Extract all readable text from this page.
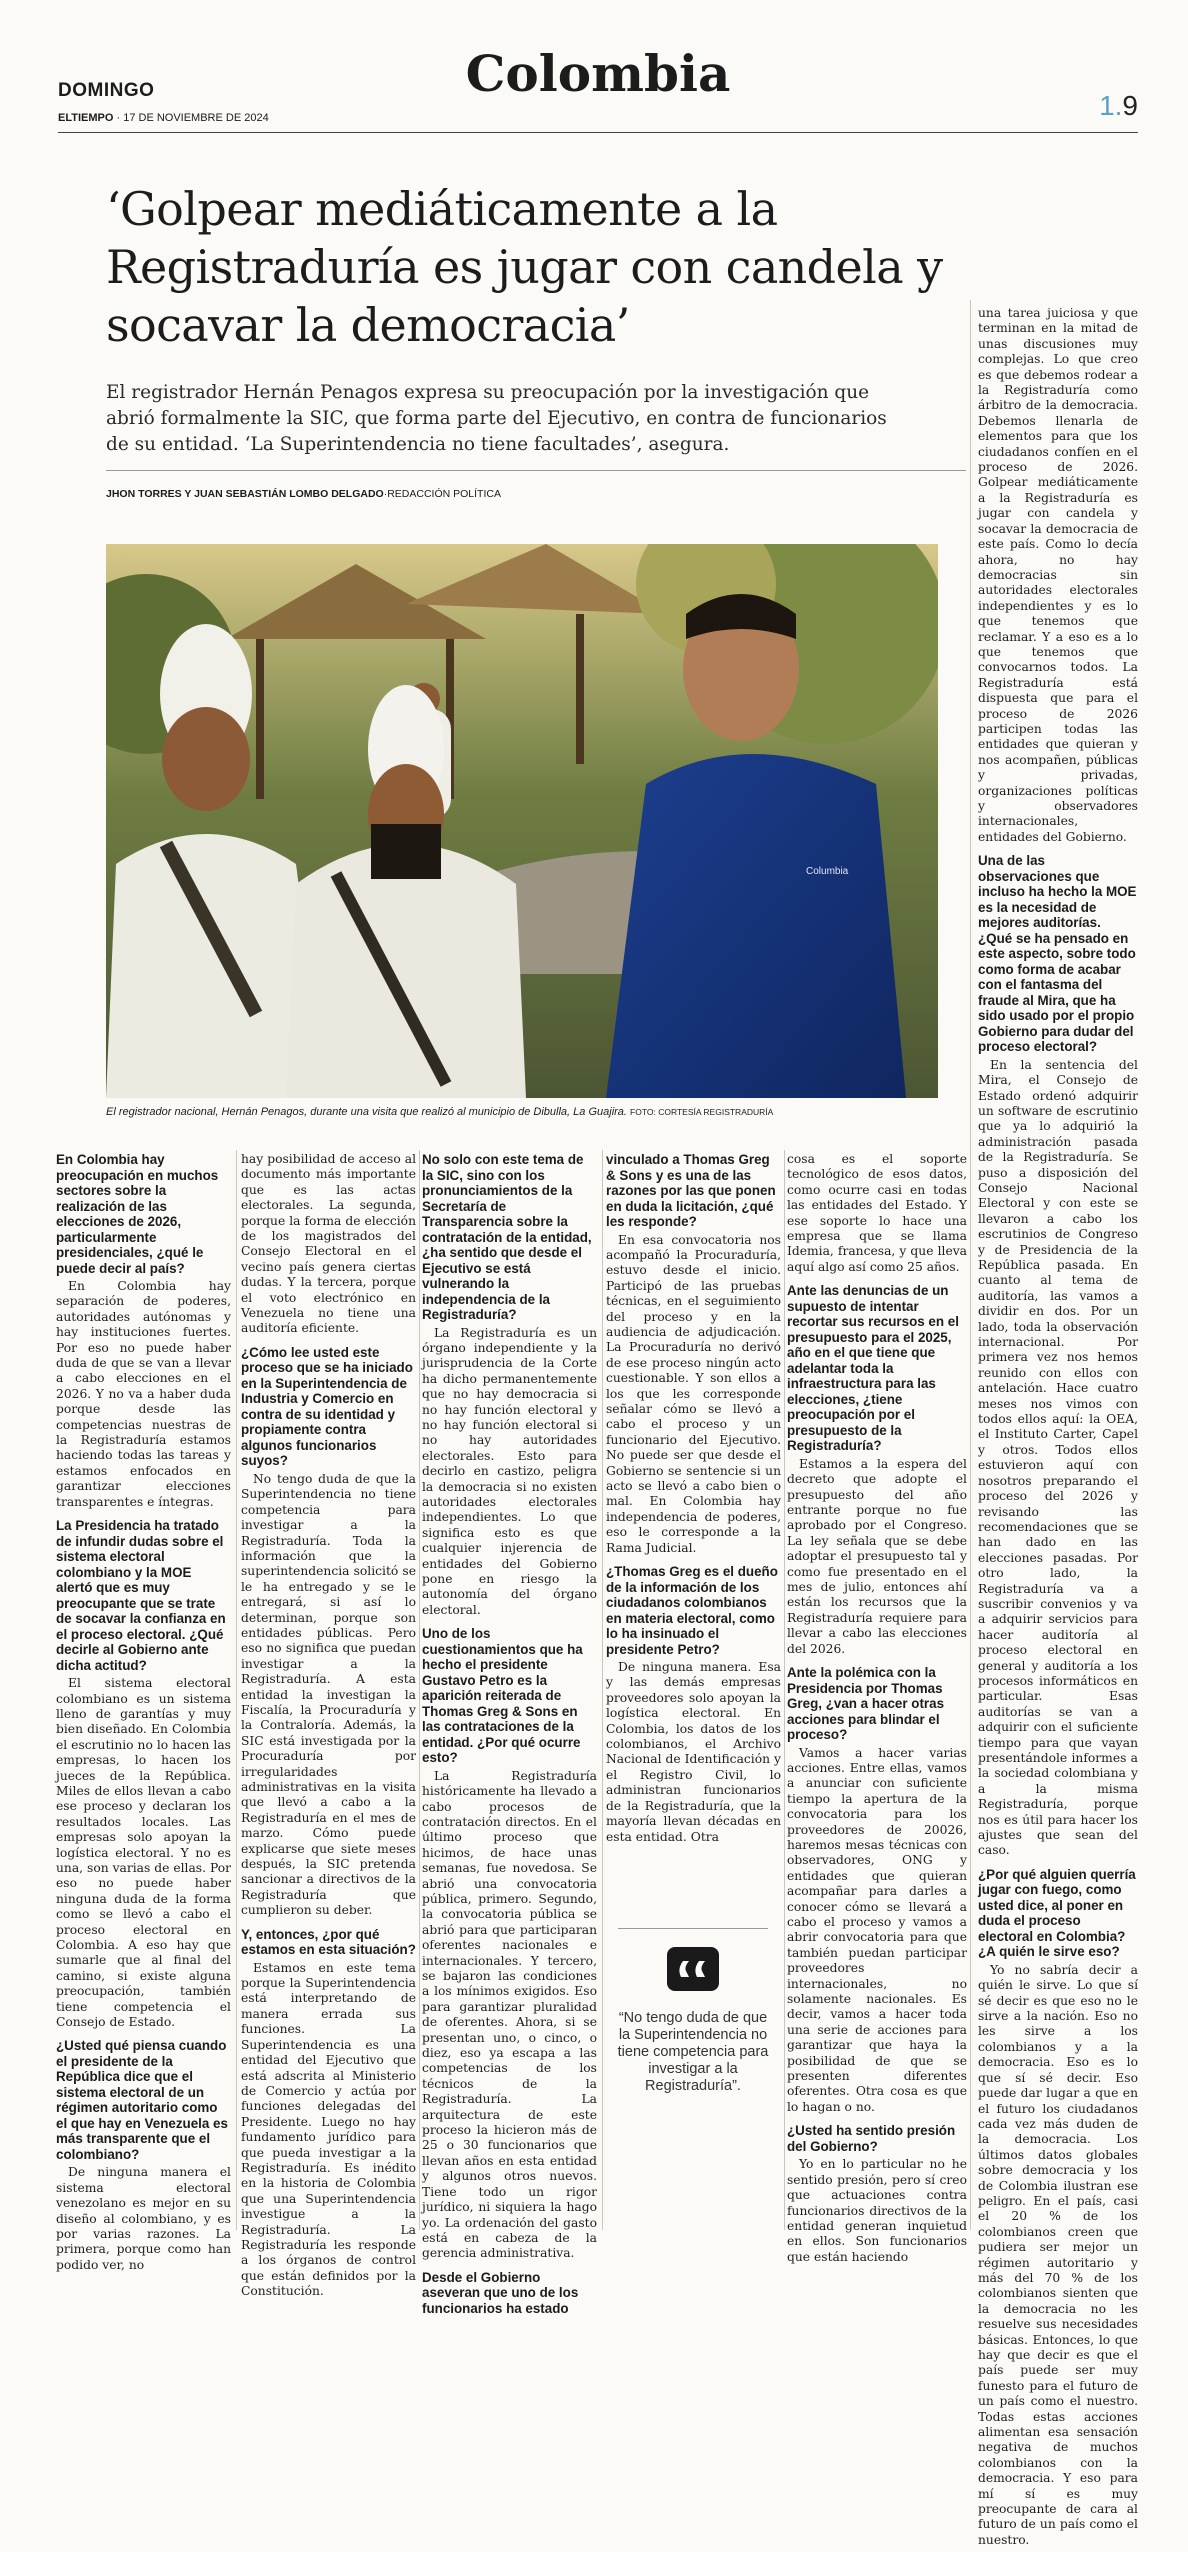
DOMINGO	Colombia
ELTIEMPO · 17 DE NOVIEMBRE DE 2024	1.9
‘Golpear mediáticamente a la Registraduría es jugar con candela y socavar la democracia’
El registrador Hernán Penagos expresa su preocupación por la investigación que abrió formalmente la SIC, que forma parte del Ejecutivo, en contra de funcionarios de su entidad. ‘La Superintendencia no tiene facultades’, asegura.
JHON TORRES Y JUAN SEBASTIÁN LOMBO DELGADO·REDACCIÓN POLÍTICA
Columbia
El registrador nacional, Hernán Penagos, durante una visita que realizó al municipio de Dibulla, La Guajira. FOTO: CORTESÍA REGISTRADURÍA
En Colombia hay preocupación en muchos sectores sobre la realización de las elecciones de 2026, particularmente presidenciales, ¿qué le puede decir al país?

En Colombia hay separación de poderes, autoridades autónomas y hay instituciones fuertes. Por eso no puede haber duda de que se van a llevar a cabo elecciones en el 2026. Y no va a haber duda porque desde las competencias nuestras de la Registraduría estamos haciendo todas las tareas y estamos enfocados en garantizar elecciones transparentes e íntegras.

La Presidencia ha tratado de infundir dudas sobre el sistema electoral colombiano y la MOE alertó que es muy preocupante que se trate de socavar la confianza en el proceso electoral. ¿Qué decirle al Gobierno ante dicha actitud?

El sistema electoral colombiano es un sistema lleno de garantías y muy bien diseñado. En Colombia el escrutinio no lo hacen las empresas, lo hacen los jueces de la República. Miles de ellos llevan a cabo ese proceso y declaran los resultados locales. Las empresas solo apoyan la logística electoral. Y no es una, son varias de ellas. Por eso no puede haber ninguna duda de la forma como se llevó a cabo el proceso electoral en Colombia. A eso hay que sumarle que al final del camino, si existe alguna preocupación, también tiene competencia el Consejo de Estado.

¿Usted qué piensa cuando el presidente de la República dice que el sistema electoral de un régimen autoritario como el que hay en Venezuela es más transparente que el colombiano?

De ninguna manera el sistema electoral venezolano es mejor en su diseño al colombiano, y es por varias razones. La primera, porque como han podido ver, no

hay posibilidad de acceso al documento más importante que es las actas electorales. La segunda, porque la forma de elección de los magistrados del Consejo Electoral en el vecino país genera ciertas dudas. Y la tercera, porque el voto electrónico en Venezuela no tiene una auditoría eficiente.

¿Cómo lee usted este proceso que se ha iniciado en la Superintendencia de Industria y Comercio en contra de su identidad y propiamente contra algunos funcionarios suyos?

No tengo duda de que la Superintendencia no tiene competencia para investigar a la Registraduría. Toda la información que la superintendencia solicitó se le ha entregado y se le entregará, si así lo determinan, porque son entidades públicas. Pero eso no significa que puedan investigar a la Registraduría. A esta entidad la investigan la Fiscalía, la Procuraduría y la Contraloría. Además, la SIC está investigada por la Procuraduría por irregularidades administrativas en la visita que llevó a cabo a la Registraduría en el mes de marzo. Cómo puede explicarse que siete meses después, la SIC pretenda sancionar a directivos de la Registraduría que cumplieron su deber.

Y, entonces, ¿por qué estamos en esta situación?

Estamos en este tema porque la Superintendencia está interpretando de manera errada sus funciones. La Superintendencia es una entidad del Ejecutivo que está adscrita al Ministerio de Comercio y actúa por funciones delegadas del Presidente. Luego no hay fundamento jurídico para que pueda investigar a la Registraduría. Es inédito en la historia de Colombia que una Superintendencia investigue a la Registraduría. La Registraduría les responde a los órganos de control que están definidos por la Constitución.

No solo con este tema de la SIC, sino con los pronunciamientos de la Secretaría de Transparencia sobre la contratación de la entidad, ¿ha sentido que desde el Ejecutivo se está vulnerando la independencia de la Registraduría?

La Registraduría es un órgano independiente y la jurisprudencia de la Corte ha dicho permanentemente que no hay democracia si no hay función electoral y no hay función electoral si no hay autoridades electorales. Esto para decirlo en castizo, peligra la democracia si no existen autoridades electorales independientes. Lo que significa esto es que cualquier injerencia de entidades del Gobierno pone en riesgo la autonomía del órgano electoral.

Uno de los cuestionamientos que ha hecho el presidente Gustavo Petro es la aparición reiterada de Thomas Greg & Sons en las contrataciones de la entidad. ¿Por qué ocurre esto?

La Registraduría históricamente ha llevado a cabo procesos de contratación directos. En el último proceso que hicimos, de hace unas semanas, fue novedosa. Se abrió una convocatoria pública, primero. Segundo, la convocatoria pública se abrió para que participaran oferentes nacionales e internacionales. Y tercero, se bajaron las condiciones a los mínimos exigidos. Eso para garantizar pluralidad de oferentes. Ahora, si se presentan uno, o cinco, o diez, eso ya escapa a las competencias de los técnicos de la Registraduría. La arquitectura de este proceso la hicieron más de 25 o 30 funcionarios que llevan años en esta entidad y algunos otros nuevos. Tiene todo un rigor jurídico, ni siquiera la hago yo. La ordenación del gasto está en cabeza de la gerencia administrativa.

Desde el Gobierno aseveran que uno de los funcionarios ha estado
vinculado a Thomas Greg & Sons y es una de las razones por las que ponen en duda la licitación, ¿qué les responde?

En esa convocatoria nos acompañó la Procuraduría, estuvo desde el inicio. Participó de las pruebas técnicas, en el seguimiento del proceso y en la audiencia de adjudicación. La Procuraduría no derivó de ese proceso ningún acto cuestionable. Y son ellos a los que les corresponde señalar cómo se llevó a cabo el proceso y un funcionario del Ejecutivo. No puede ser que desde el Gobierno se sentencie si un acto se llevó a cabo bien o mal. En Colombia hay independencia de poderes, eso le corresponde a la Rama Judicial.

¿Thomas Greg es el dueño de la información de los ciudadanos colombianos en materia electoral, como lo ha insinuado el presidente Petro?

De ninguna manera. Esa y las demás empresas proveedores solo apoyan la logística electoral. En Colombia, los datos de los colombianos, el Archivo Nacional de Identificación y el Registro Civil, lo administran funcionarios de la Registraduría, que la mayoría llevan décadas en esta entidad. Otra

“No tengo duda de que la Superintendencia no tiene competencia para investigar a la Registraduría”.

cosa es el soporte tecnológico de esos datos, como ocurre casi en todas las entidades del Estado. Y ese soporte lo hace una empresa que se llama Idemia, francesa, y que lleva aquí algo así como 25 años.

Ante las denuncias de un supuesto de intentar recortar sus recursos en el presupuesto para el 2025, año en el que tiene que adelantar toda la infraestructura para las elecciones, ¿tiene preocupación por el presupuesto de la Registraduría?

Estamos a la espera del decreto que adopte el presupuesto del año entrante porque no fue aprobado por el Congreso. La ley señala que se debe adoptar el presupuesto tal y como fue presentado en el mes de julio, entonces ahí están los recursos que la Registraduría requiere para llevar a cabo las elecciones del 2026.

Ante la polémica con la Presidencia por Thomas Greg, ¿van a hacer otras acciones para blindar el proceso?

Vamos a hacer varias acciones. Entre ellas, vamos a anunciar con suficiente tiempo la apertura de la convocatoria para los proveedores de 20026, haremos mesas técnicas con observadores, ONG y entidades que quieran acompañar para darles a conocer cómo se llevará a cabo el proceso y vamos a abrir convocatoria para que también puedan participar proveedores internacionales, no solamente nacionales. Es decir, vamos a hacer toda una serie de acciones para garantizar que haya la posibilidad de que se presenten diferentes oferentes. Otra cosa es que lo hagan o no.

¿Usted ha sentido presión del Gobierno?

Yo en lo particular no he sentido presión, pero sí creo que actuaciones contra funcionarios directivos de la entidad generan inquietud en ellos. Son funcionarios que están haciendo

una tarea juiciosa y que terminan en la mitad de unas discusiones muy complejas. Lo que creo es que debemos rodear a la Registraduría como árbitro de la democracia. Debemos llenarla de elementos para que los ciudadanos confíen en el proceso de 2026. Golpear mediáticamente a la Registraduría es jugar con candela y socavar la democracia de este país. Como lo decía ahora, no hay democracias sin autoridades electorales independientes y es lo que tenemos que reclamar. Y a eso es a lo que tenemos que convocarnos todos. La Registraduría está dispuesta que para el proceso de 2026 participen todas las entidades que quieran y nos acompañen, públicas y privadas, organizaciones políticas y observadores internacionales, entidades del Gobierno.

Una de las observaciones que incluso ha hecho la MOE es la necesidad de mejores auditorías. ¿Qué se ha pensado en este aspecto, sobre todo como forma de acabar con el fantasma del fraude al Mira, que ha sido usado por el propio Gobierno para dudar del proceso electoral?

En la sentencia del Mira, el Consejo de Estado ordenó adquirir un software de escrutinio que ya lo adquirió la administración pasada de la Registraduría. Se puso a disposición del Consejo Nacional Electoral y con este se llevaron a cabo los escrutinios de Congreso y de Presidencia de la República pasada. En cuanto al tema de auditoría, las vamos a dividir en dos. Por un lado, toda la observación internacional. Por primera vez nos hemos reunido con ellos con antelación. Hace cuatro meses nos vimos con todos ellos aquí: la OEA, el Instituto Carter, Capel y otros. Todos ellos estuvieron aquí con nosotros preparando el proceso del 2026 y revisando las recomendaciones que se han dado en las elecciones pasadas. Por otro lado, la Registraduría va a suscribir convenios y va a adquirir servicios para hacer auditoría al proceso electoral en general y auditoría a los procesos informáticos en particular. Esas auditorías se van a adquirir con el suficiente tiempo para que vayan presentándole informes a la sociedad colombiana y a la misma Registraduría, porque nos es útil para hacer los ajustes que sean del caso.

¿Por qué alguien querría jugar con fuego, como usted dice, al poner en duda el proceso electoral en Colombia? ¿A quién le sirve eso?

Yo no sabría decir a quién le sirve. Lo que sí sé decir es que eso no le sirve a la nación. Eso no les sirve a los colombianos y a la democracia. Eso es lo que sí sé decir. Eso puede dar lugar a que en el futuro los ciudadanos cada vez más duden de la democracia. Los últimos datos globales sobre democracia y los de Colombia ilustran ese peligro. En el país, casi el 20 % de los colombianos creen que pudiera ser mejor un régimen autoritario y más del 70 % de los colombianos sienten que la democracia no les resuelve sus necesidades básicas. Entonces, lo que hay que decir es que el país puede ser muy funesto para el futuro de un país como el nuestro. Todas estas acciones alimentan esa sensación negativa de muchos colombianos con la democracia. Y eso para mí sí es muy preocupante de cara al futuro de un país como el nuestro.
